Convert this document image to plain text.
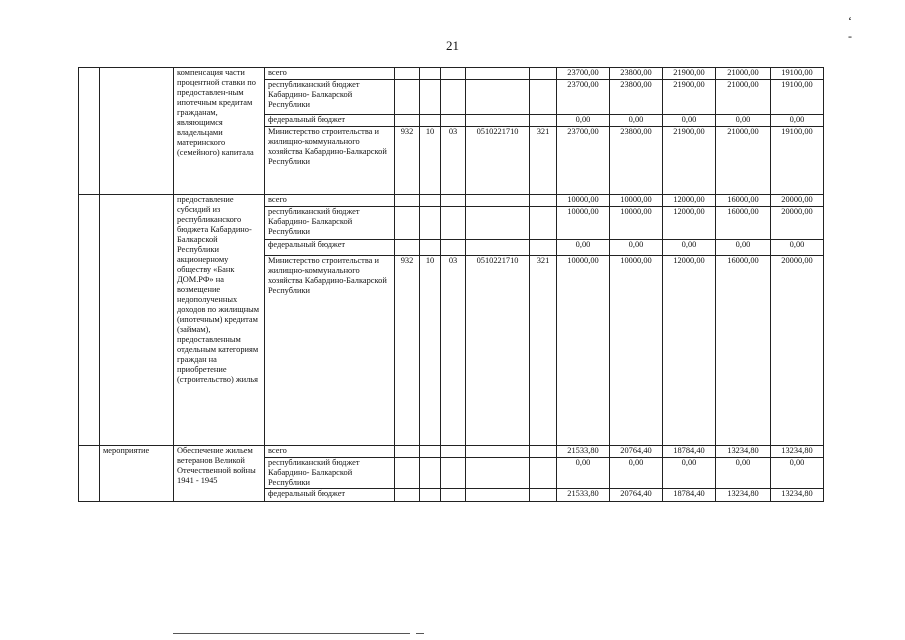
21
‘ -
		компенсация части процентной ставки по предоставлен-ным ипотечным кредитам гражданам, являющимся владельцами материнского (семейного) капитала	всего						23700,00	23800,00	21900,00	21000,00	19100,00
			республиканский бюджет Кабардино- Балкарской Республики						23700,00	23800,00	21900,00	21000,00	19100,00
			федеральный бюджет						0,00	0,00	0,00	0,00	0,00
			Министерство строительства и жилищно-коммунального хозяйства Кабардино-Балкарской Республики	932	10	03	0510221710	321	23700,00	23800,00	21900,00	21000,00	19100,00

		предоставление субсидий из республиканского бюджета Кабардино-Балкарской Республики акционерному обществу «Банк ДОМ.РФ» на возмещение недополученных доходов по жилищным (ипотечным) кредитам (займам), предоставленным отдельным категориям граждан на приобретение (строительство) жилья	всего						10000,00	10000,00	12000,00	16000,00	20000,00
			республиканский бюджет Кабардино- Балкарской Республики						10000,00	10000,00	12000,00	16000,00	20000,00
			федеральный бюджет						0,00	0,00	0,00	0,00	0,00
			Министерство строительства и жилищно-коммунального хозяйства Кабардино-Балкарской Республики	932	10	03	0510221710	321	10000,00	10000,00	12000,00	16000,00	20000,00
	мероприятие	Обеспечение жильем ветеранов Великой Отечественной войны 1941 - 1945	всего						21533,80	20764,40	18784,40	13234,80	13234,80
			республиканский бюджет Кабардино- Балкарской Республики						0,00	0,00	0,00	0,00	0,00
			федеральный бюджет						21533,80	20764,40	18784,40	13234,80	13234,80
